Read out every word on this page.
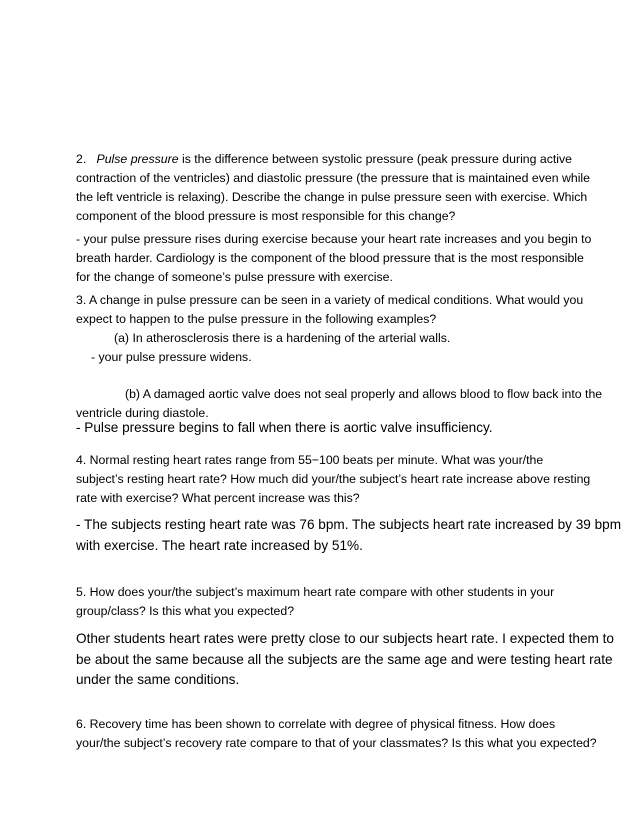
2. Pulse pressure is the difference between systolic pressure (peak pressure during active
contraction of the ventricles) and diastolic pressure (the pressure that is maintained even while
the left ventricle is relaxing). Describe the change in pulse pressure seen with exercise. Which
component of the blood pressure is most responsible for this change?

- your pulse pressure rises during exercise because your heart rate increases and you begin to
breath harder. Cardiology is the component of the blood pressure that is the most responsible
for the change of someone’s pulse pressure with exercise.

3. A change in pulse pressure can be seen in a variety of medical conditions. What would you
expect to happen to the pulse pressure in the following examples?
(a) In atherosclerosis there is a hardening of the arterial walls.
- your pulse pressure widens.

(b) A damaged aortic valve does not seal properly and allows blood to flow back into the
ventricle during diastole.

- Pulse pressure begins to fall when there is aortic valve insufficiency.

4. Normal resting heart rates range from 55−100 beats per minute. What was your/the
subject’s resting heart rate? How much did your/the subject’s heart rate increase above resting
rate with exercise? What percent increase was this?

- The subjects resting heart rate was 76 bpm. The subjects heart rate increased by 39 bpm
with exercise. The heart rate increased by 51%.

5. How does your/the subject’s maximum heart rate compare with other students in your
group/class? Is this what you expected?

Other students heart rates were pretty close to our subjects heart rate. I expected them to
be about the same because all the subjects are the same age and were testing heart rate
under the same conditions.

6. Recovery time has been shown to correlate with degree of physical fitness. How does
your/the subject’s recovery rate compare to that of your classmates? Is this what you expected?
